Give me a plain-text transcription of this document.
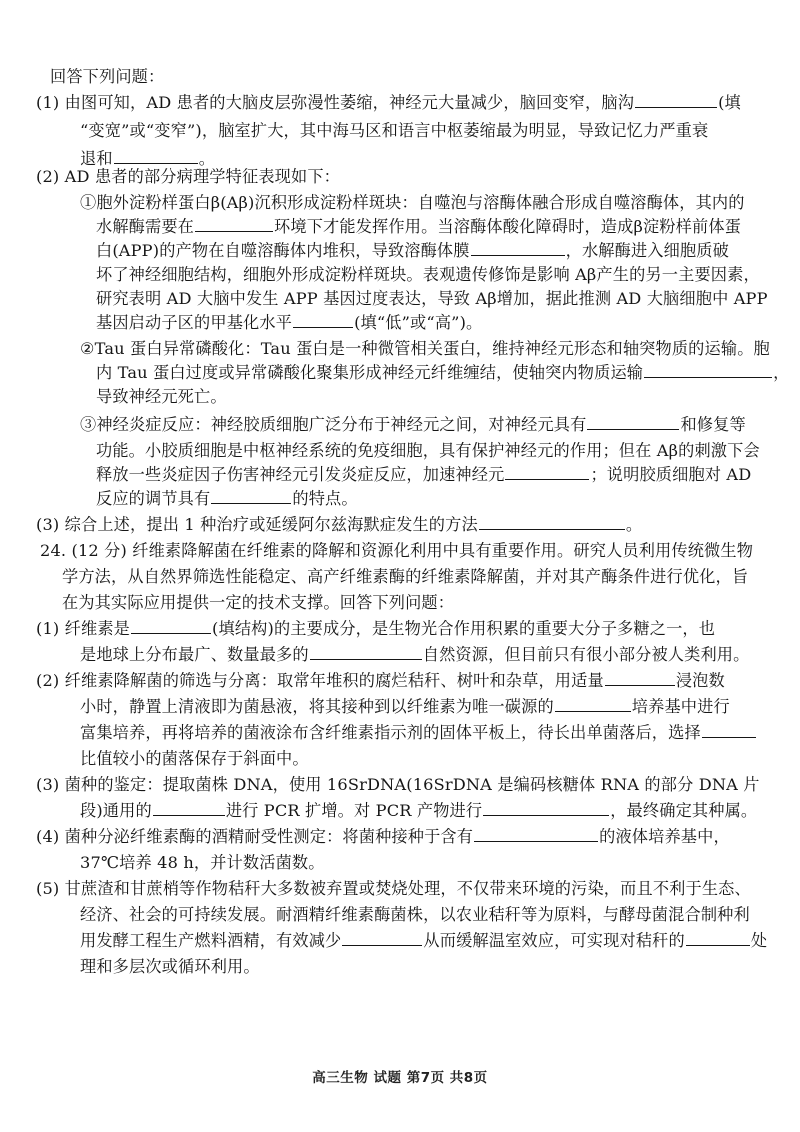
回答下列问题：
(1) 由图可知，AD 患者的大脑皮层弥漫性萎缩，神经元大量减少，脑回变窄，脑沟	(填
“变宽”或“变窄”)，脑室扩大，其中海马区和语言中枢萎缩最为明显，导致记忆力严重衰
退和	。
(2) AD 患者的部分病理学特征表现如下：
①胞外淀粉样蛋白β(Aβ)沉积形成淀粉样斑块：自噬泡与溶酶体融合形成自噬溶酶体，其内的
水解酶需要在	环境下才能发挥作用。当溶酶体酸化障碍时，造成β淀粉样前体蛋
白(APP)的产物在自噬溶酶体内堆积，导致溶酶体膜	，水解酶进入细胞质破
坏了神经细胞结构，细胞外形成淀粉样斑块。表观遗传修饰是影响 Aβ产生的另一主要因素，
研究表明 AD 大脑中发生 APP 基因过度表达，导致 Aβ增加，据此推测 AD 大脑细胞中 APP
基因启动子区的甲基化水平	(填“低”或“高”)。
②Tau 蛋白异常磷酸化：Tau 蛋白是一种微管相关蛋白，维持神经元形态和轴突物质的运输。胞
内 Tau 蛋白过度或异常磷酸化聚集形成神经元纤维缠结，使轴突内物质运输	，
导致神经元死亡。
③神经炎症反应：神经胶质细胞广泛分布于神经元之间，对神经元具有	和修复等
功能。小胶质细胞是中枢神经系统的免疫细胞，具有保护神经元的作用；但在 Aβ的刺激下会
释放一些炎症因子伤害神经元引发炎症反应，加速神经元	；说明胶质细胞对 AD
反应的调节具有	的特点。
(3) 综合上述，提出 1 种治疗或延缓阿尔兹海默症发生的方法	。
24. (12 分) 纤维素降解菌在纤维素的降解和资源化利用中具有重要作用。研究人员利用传统微生物
学方法，从自然界筛选性能稳定、高产纤维素酶的纤维素降解菌，并对其产酶条件进行优化，旨
在为其实际应用提供一定的技术支撑。回答下列问题：
(1) 纤维素是	(填结构)的主要成分，是生物光合作用积累的重要大分子多糖之一，也
是地球上分布最广、数量最多的	自然资源，但目前只有很小部分被人类利用。
(2) 纤维素降解菌的筛选与分离：取常年堆积的腐烂秸秆、树叶和杂草，用适量	浸泡数
小时，静置上清液即为菌悬液，将其接种到以纤维素为唯一碳源的	培养基中进行
富集培养，再将培养的菌液涂布含纤维素指示剂的固体平板上，待长出单菌落后，选择
比值较小的菌落保存于斜面中。
(3) 菌种的鉴定：提取菌株 DNA，使用 16SrDNA(16SrDNA 是编码核糖体 RNA 的部分 DNA 片
段)通用的	进行 PCR 扩增。对 PCR 产物进行	，最终确定其种属。
(4) 菌种分泌纤维素酶的酒精耐受性测定：将菌种接种于含有	的液体培养基中，
37℃培养 48 h，并计数活菌数。
(5) 甘蔗渣和甘蔗梢等作物秸秆大多数被弃置或焚烧处理，不仅带来环境的污染，而且不利于生态、
经济、社会的可持续发展。耐酒精纤维素酶菌株，以农业秸秆等为原料，与酵母菌混合制种利
用发酵工程生产燃料酒精，有效减少	从而缓解温室效应，可实现对秸秆的	处
理和多层次或循环利用。
高三生物 试题 第7页 共8页
